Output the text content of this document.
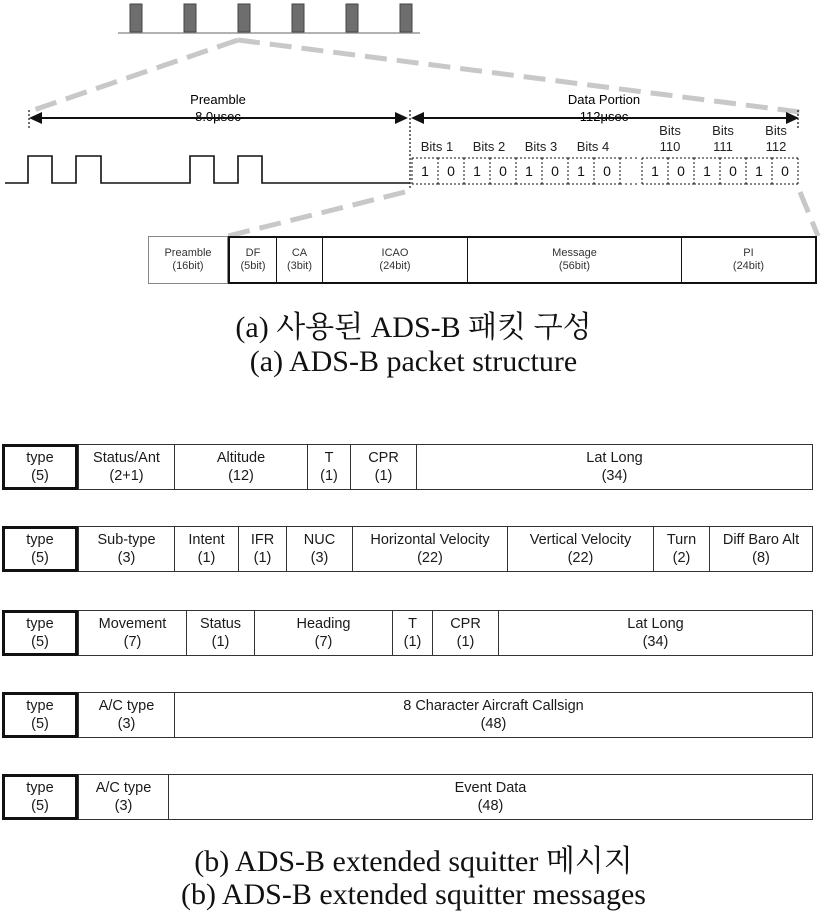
Preamble
8.0μsec
Data Portion
112μsec
Bits 1 Bits 2 Bits 3 Bits 4
Bits
110
Bits
111
Bits
112
1 0 1 0 1 0 1 0	1 0 1 0 1 0
Preamble
(16bit)
DF
(5bit)
CA
(3bit)
ICAO
(24bit)
Message
(56bit)
PI
(24bit)
(a) 사용된 ADS-B 패킷 구성
(a) ADS-B packet structure
type
(5)
Status/Ant
(2+1)
Altitude
(12)
T
(1)
CPR
(1)
Lat Long
(34)
type
(5)
Sub-type
(3)
Intent
(1)
IFR
(1)
NUC
(3)
Horizontal Velocity
(22)
Vertical Velocity
(22)
Turn
(2)
Diff Baro Alt
(8)
type
(5)
Movement
(7)
Status
(1)
Heading
(7)
T
(1)
CPR
(1)
Lat Long
(34)
type
(5)
A/C type
(3)
8 Character Aircraft Callsign
(48)
type
(5)
A/C type
(3)
Event Data
(48)
(b) ADS-B extended squitter 메시지
(b) ADS-B extended squitter messages
